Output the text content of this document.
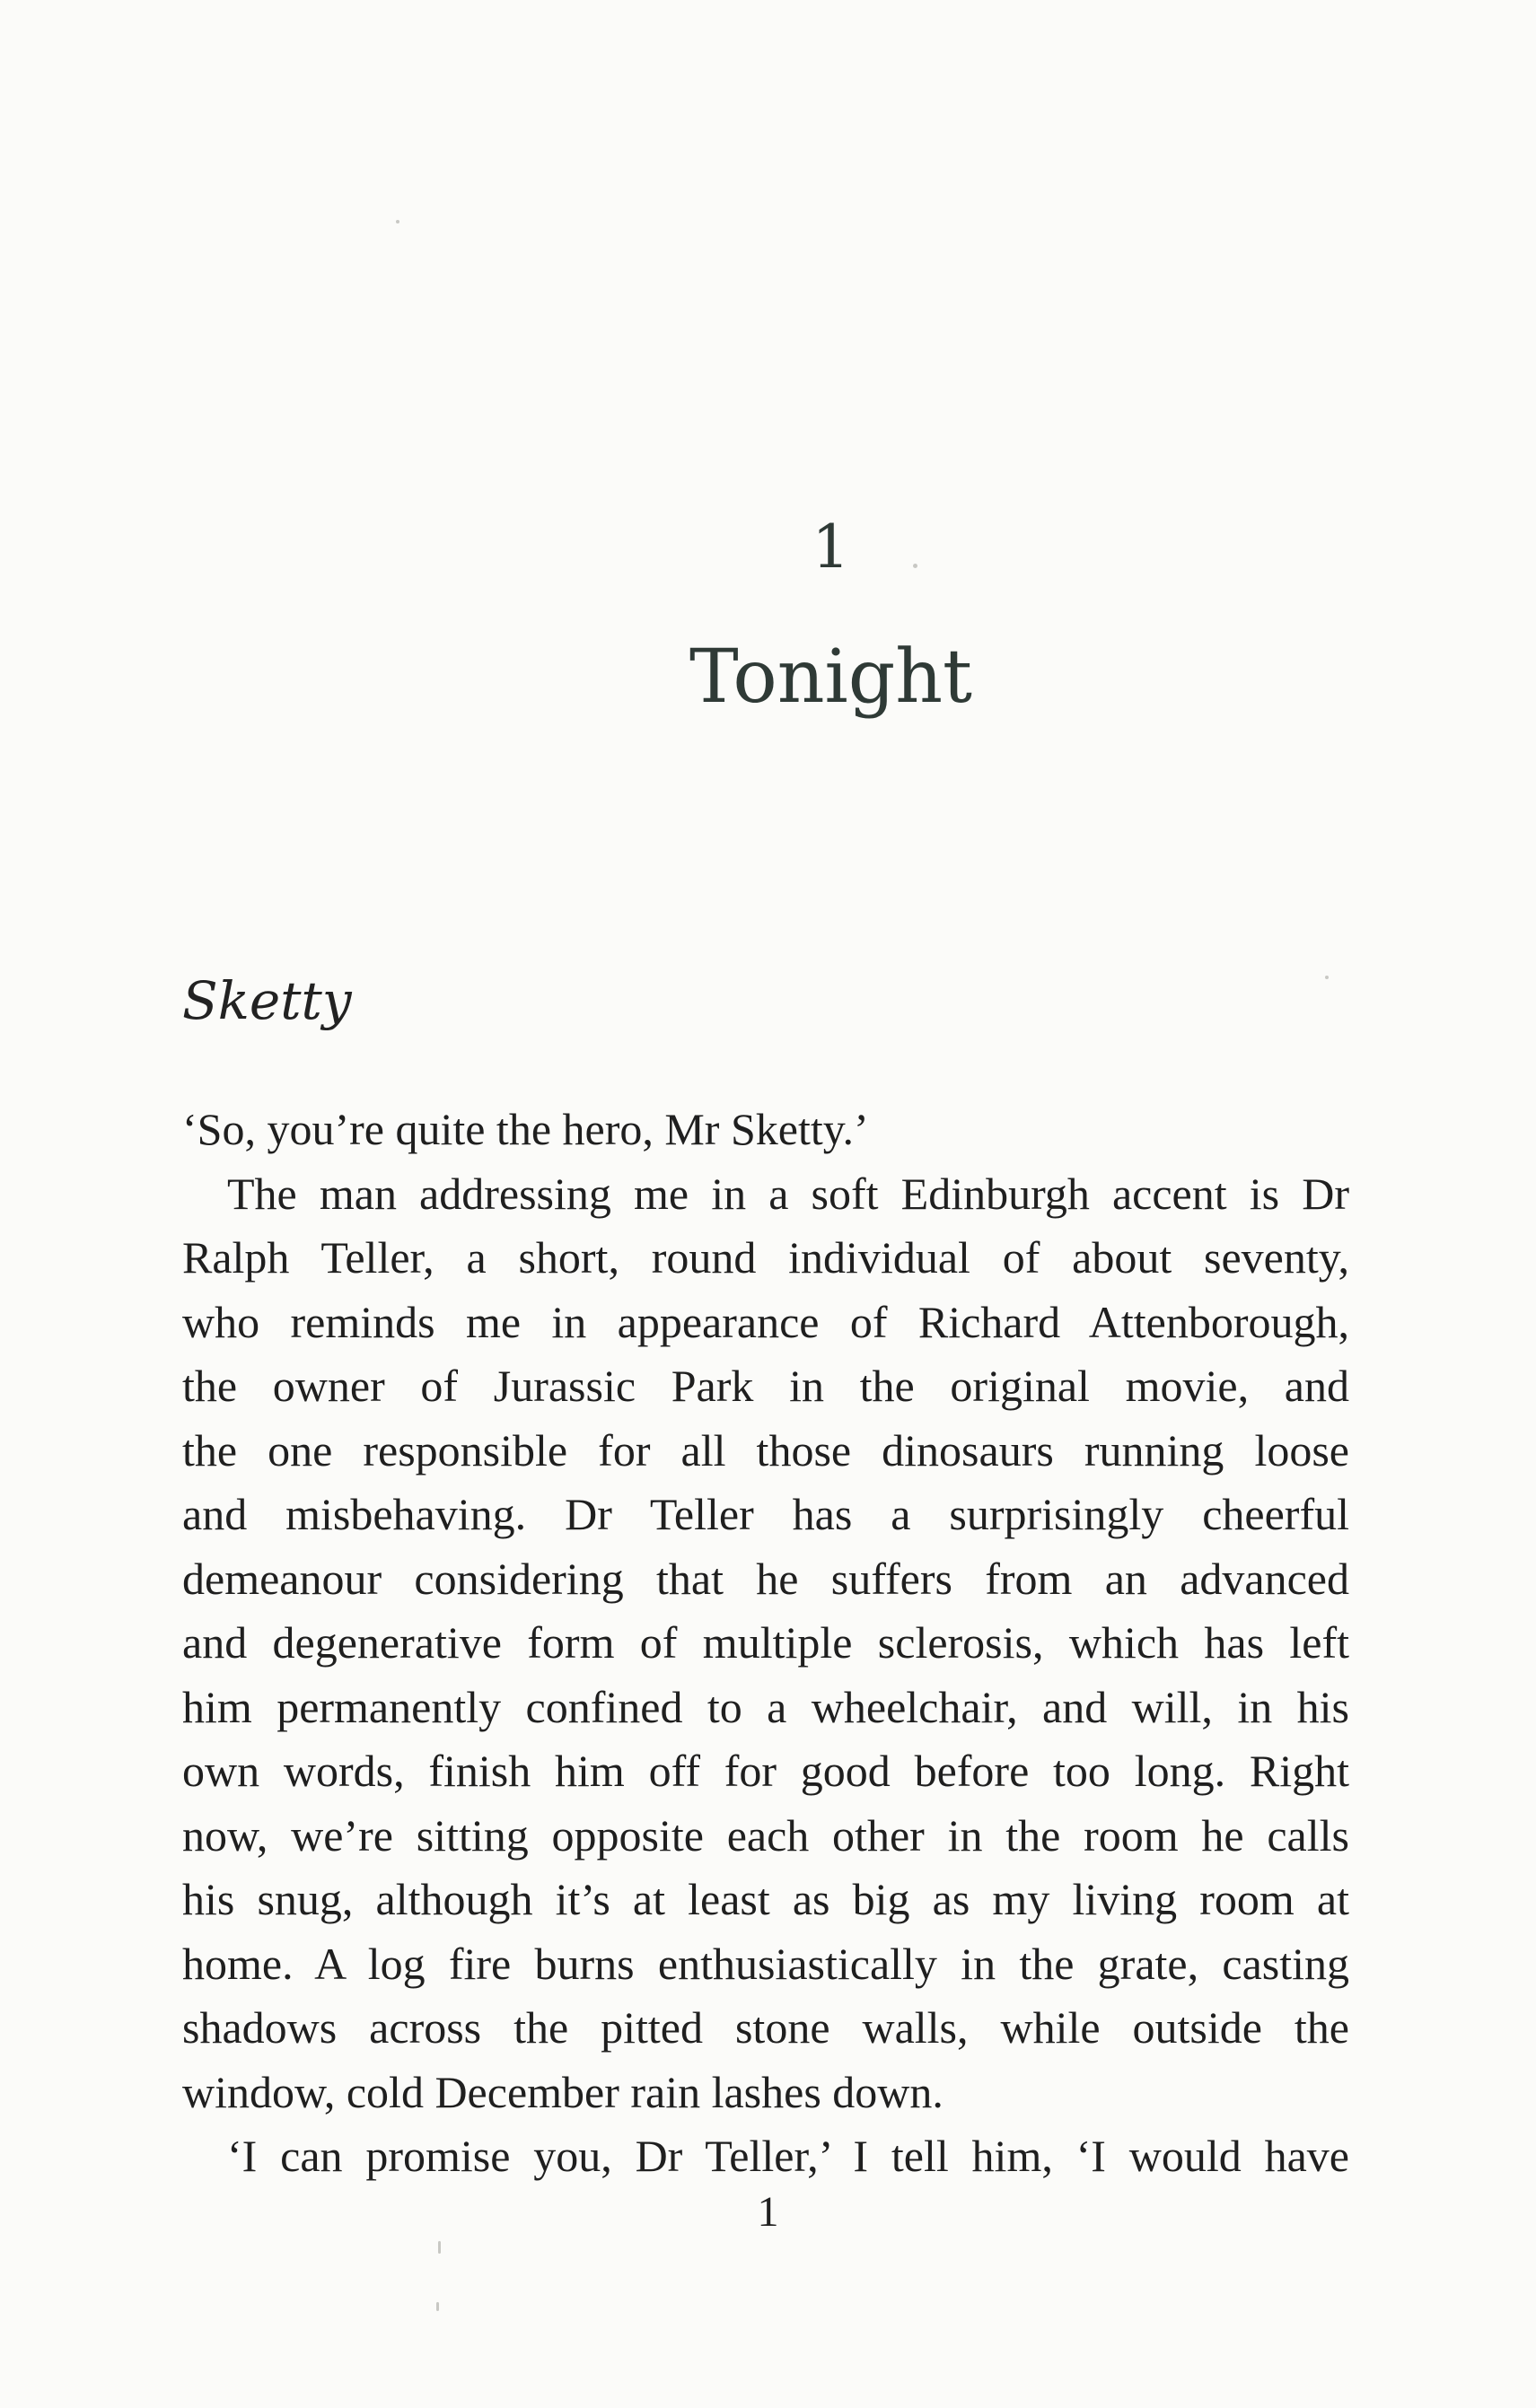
1
Tonight
Sketty
‘So, you’re quite the hero, Mr Sketty.’
The man addressing me in a soft Edinburgh accent is Dr
Ralph Teller, a short, round individual of about seventy,
who reminds me in appearance of Richard Attenborough,
the owner of Jurassic Park in the original movie, and
the one responsible for all those dinosaurs running loose
and misbehaving. Dr Teller has a surprisingly cheerful
demeanour considering that he suffers from an advanced
and degenerative form of multiple sclerosis, which has left
him permanently confined to a wheelchair, and will, in his
own words, finish him off for good before too long. Right
now, we’re sitting opposite each other in the room he calls
his snug, although it’s at least as big as my living room at
home. A log fire burns enthusiastically in the grate, casting
shadows across the pitted stone walls, while outside the
window, cold December rain lashes down.
‘I can promise you, Dr Teller,’ I tell him, ‘I would have
1
